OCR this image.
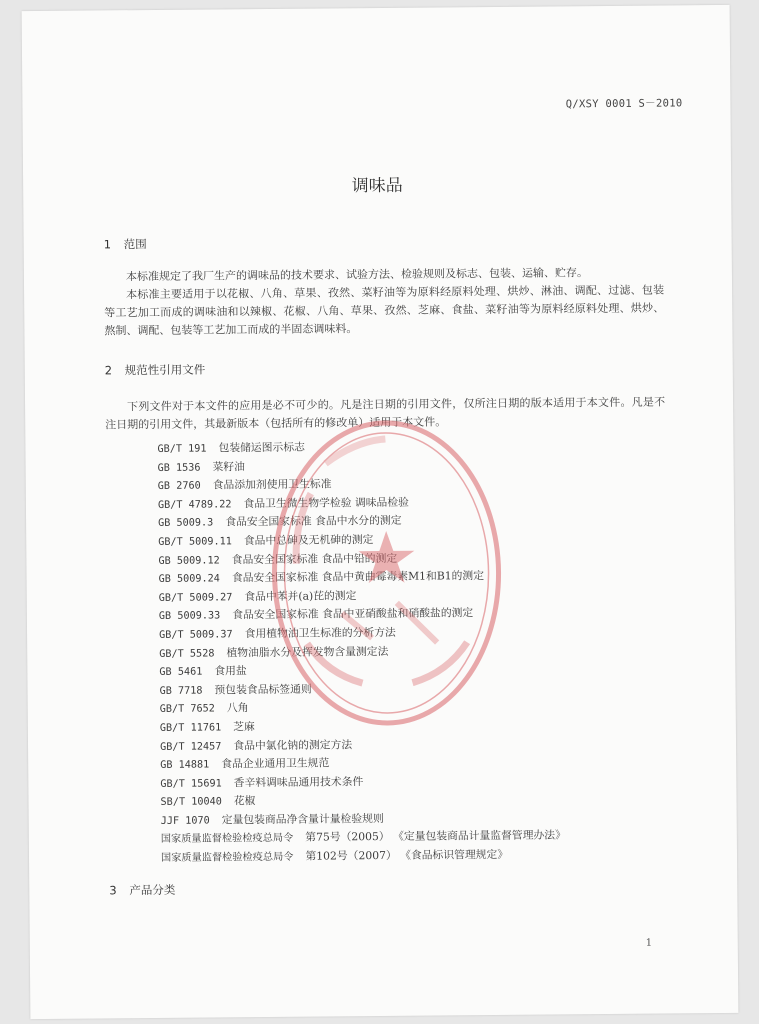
Q/XSY 0001 S－2010
调味品
1 范围

本标准规定了我厂生产的调味品的技术要求、试验方法、检验规则及标志、包装、运输、贮存。

本标准主要适用于以花椒、八角、草果、孜然、菜籽油等为原料经原料处理、烘炒、淋油、调配、过滤、包装等工艺加工而成的调味油和以辣椒、花椒、八角、草果、孜然、芝麻、食盐、菜籽油等为原料经原料处理、烘炒、熬制、调配、包装等工艺加工而成的半固态调味料。

2 规范性引用文件

下列文件对于本文件的应用是必不可少的。凡是注日期的引用文件，仅所注日期的版本适用于本文件。凡是不注日期的引用文件，其最新版本（包括所有的修改单）适用于本文件。

GB/T 191 包装储运图示标志
GB 1536 菜籽油
GB 2760 食品添加剂使用卫生标准
GB/T 4789.22 食品卫生微生物学检验 调味品检验
GB 5009.3 食品安全国家标准 食品中水分的测定
GB/T 5009.11 食品中总砷及无机砷的测定
GB 5009.12 食品安全国家标准 食品中铅的测定
GB 5009.24 食品安全国家标准 食品中黄曲霉毒素M1和B1的测定
GB/T 5009.27 食品中苯并(a)芘的测定
GB 5009.33 食品安全国家标准 食品中亚硝酸盐和硝酸盐的测定
GB/T 5009.37 食用植物油卫生标准的分析方法
GB/T 5528 植物油脂水分及挥发物含量测定法
GB 5461 食用盐
GB 7718 预包装食品标签通则
GB/T 7652 八角
GB/T 11761 芝麻
GB/T 12457 食品中氯化钠的测定方法
GB 14881 食品企业通用卫生规范
GB/T 15691 香辛料调味品通用技术条件
SB/T 10040 花椒
JJF 1070 定量包装商品净含量计量检验规则
国家质量监督检验检疫总局令 第75号（2005） 《定量包装商品计量监督管理办法》
国家质量监督检验检疫总局令 第102号（2007） 《食品标识管理规定》
3 产品分类
1
